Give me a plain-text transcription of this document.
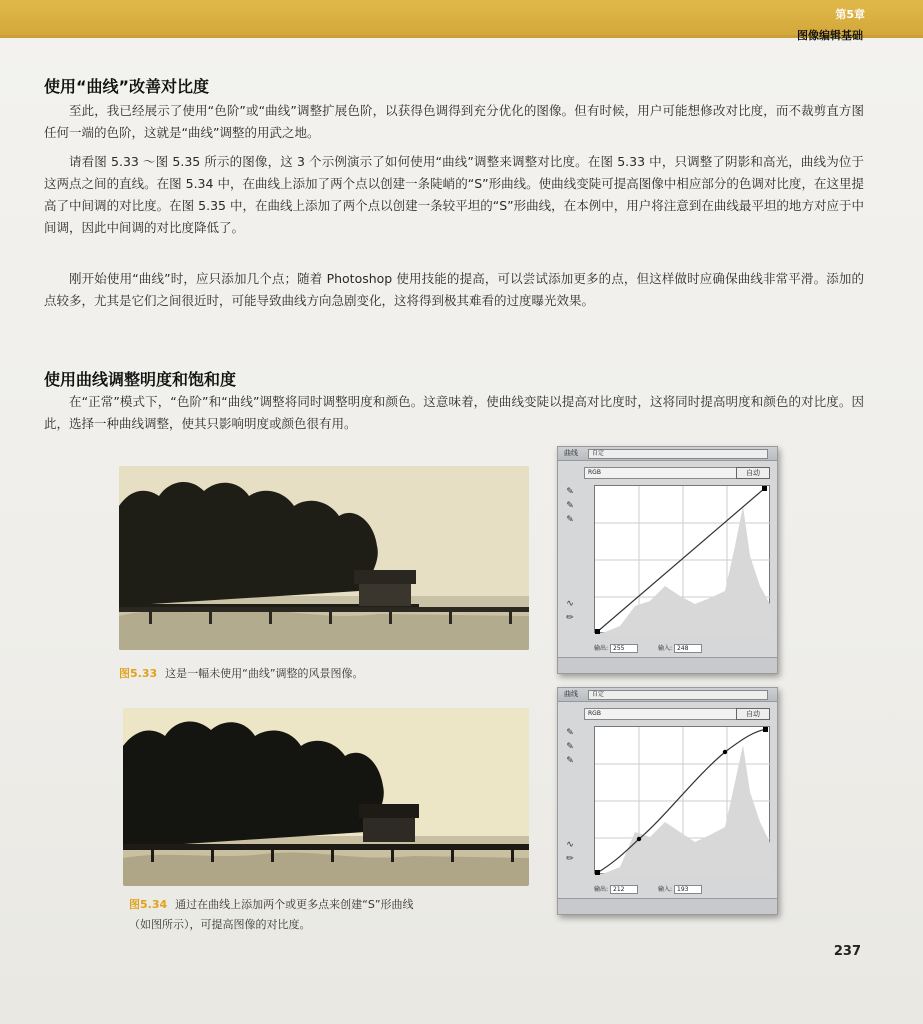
第5章
图像编辑基础
使用“曲线”改善对比度

至此，我已经展示了使用“色阶”或“曲线”调整扩展色阶，以获得色调得到充分优化的图像。但有时候，用户可能想修改对比度，而不裁剪直方图任何一端的色阶，这就是“曲线”调整的用武之地。

请看图 5.33 ～图 5.35 所示的图像，这 3 个示例演示了如何使用“曲线”调整来调整对比度。在图 5.33 中，只调整了阴影和高光，曲线为位于这两点之间的直线。在图 5.34 中，在曲线上添加了两个点以创建一条陡峭的“S”形曲线。使曲线变陡可提高图像中相应部分的色调对比度，在这里提高了中间调的对比度。在图 5.35 中，在曲线上添加了两个点以创建一条较平坦的“S”形曲线，在本例中，用户将注意到在曲线最平坦的地方对应于中间调，因此中间调的对比度降低了。

刚开始使用“曲线”时，应只添加几个点；随着 Photoshop 使用技能的提高，可以尝试添加更多的点，但这样做时应确保曲线非常平滑。添加的点较多，尤其是它们之间很近时，可能导致曲线方向急剧变化，这将得到极其难看的过度曝光效果。

使用曲线调整明度和饱和度

在“正常”模式下，“色阶”和“曲线”调整将同时调整明度和颜色。这意味着，使曲线变陡以提高对比度时，这将同时提高明度和颜色的对比度。因此，选择一种曲线调整，使其只影响明度或颜色很有用。

图5.33 这是一幅未使用“曲线”调整的风景图像。
曲线	自定
RGB	自动
✎
✎
✎
∿
✏
输出: 255	输入: 248
图5.34 通过在曲线上添加两个或更多点来创建“S”形曲线
（如图所示），可提高图像的对比度。
曲线	自定
RGB	自动
✎
✎
✎
∿
✏
输出: 212	输入: 193
237
